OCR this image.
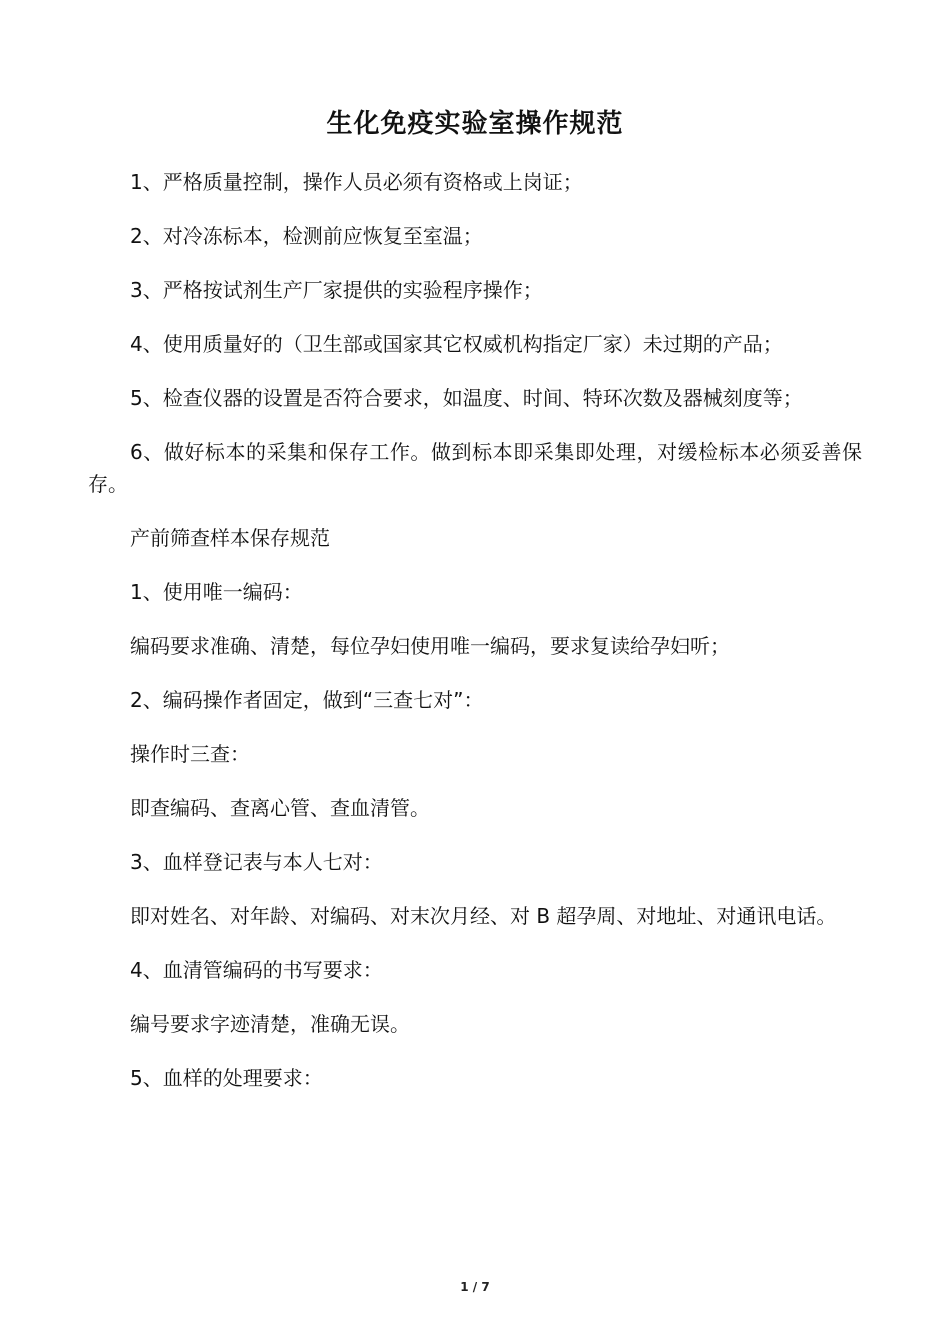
生化免疫实验室操作规范

1、严格质量控制，操作人员必须有资格或上岗证；

2、对冷冻标本，检测前应恢复至室温；

3、严格按试剂生产厂家提供的实验程序操作；

4、使用质量好的（卫生部或国家其它权威机构指定厂家）未过期的产品；

5、检查仪器的设置是否符合要求，如温度、时间、特环次数及器械刻度等；

6、做好标本的采集和保存工作。做到标本即采集即处理，对缓检标本必须妥善保存。

产前筛查样本保存规范

1、使用唯一编码：

编码要求准确、清楚，每位孕妇使用唯一编码，要求复读给孕妇听；

2、编码操作者固定，做到“三查七对”：

操作时三查：

即查编码、查离心管、查血清管。

3、血样登记表与本人七对：

即对姓名、对年龄、对编码、对末次月经、对 B 超孕周、对地址、对通讯电话。

4、血清管编码的书写要求：

编号要求字迹清楚，准确无误。

5、血样的处理要求：

1 / 7
